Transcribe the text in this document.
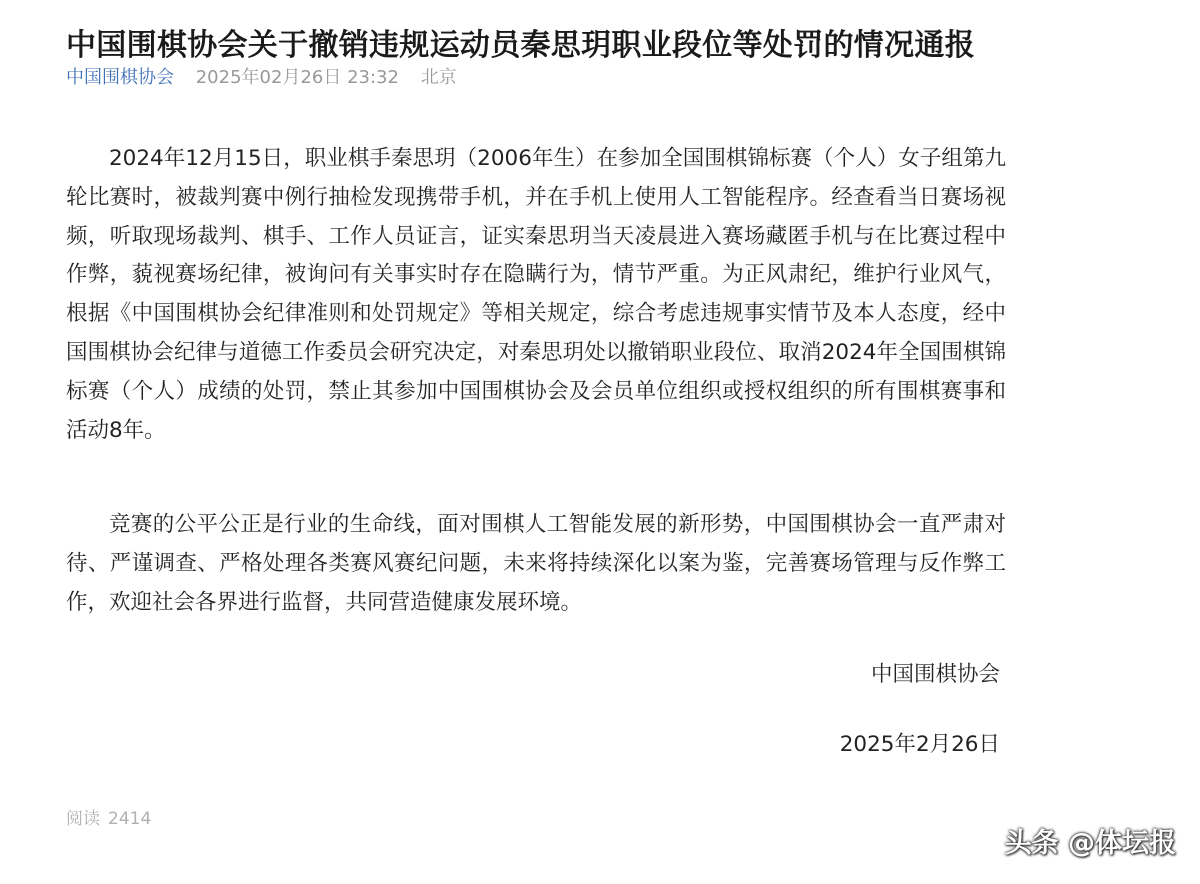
中国围棋协会关于撤销违规运动员秦思玥职业段位等处罚的情况通报
中国围棋协会 2025年02月26日 23:32 北京

2024年12月15日，职业棋手秦思玥（2006年生）在参加全国围棋锦标赛（个人）女子组第九轮比赛时，被裁判赛中例行抽检发现携带手机，并在手机上使用人工智能程序。经查看当日赛场视频，听取现场裁判、棋手、工作人员证言，证实秦思玥当天凌晨进入赛场藏匿手机与在比赛过程中作弊，藐视赛场纪律，被询问有关事实时存在隐瞒行为，情节严重。为正风肃纪，维护行业风气，根据《中国围棋协会纪律准则和处罚规定》等相关规定，综合考虑违规事实情节及本人态度，经中国围棋协会纪律与道德工作委员会研究决定，对秦思玥处以撤销职业段位、取消2024年全国围棋锦标赛（个人）成绩的处罚，禁止其参加中国围棋协会及会员单位组织或授权组织的所有围棋赛事和活动8年。

竞赛的公平公正是行业的生命线，面对围棋人工智能发展的新形势，中国围棋协会一直严肃对待、严谨调查、严格处理各类赛风赛纪问题，未来将持续深化以案为鉴，完善赛场管理与反作弊工作，欢迎社会各界进行监督，共同营造健康发展环境。

中国围棋协会
2025年2月26日
阅读 2414
头条 @体坛报
